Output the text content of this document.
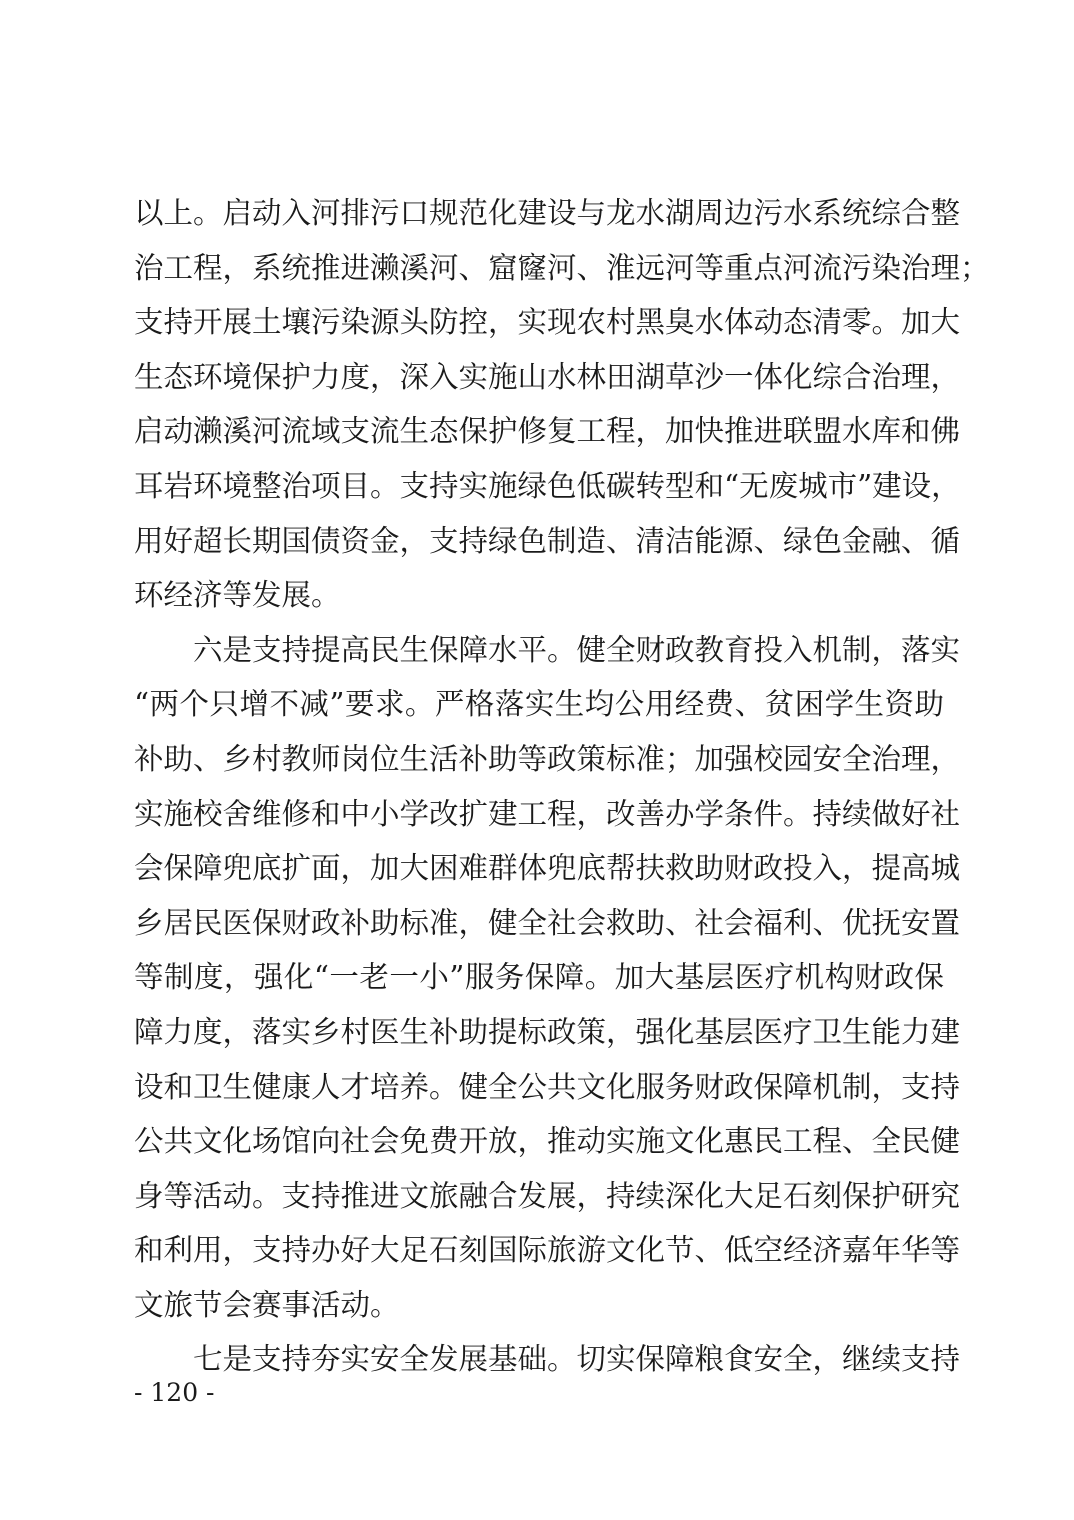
以上。启动入河排污口规范化建设与龙水湖周边污水系统综合整
治工程，系统推进濑溪河、窟窿河、淮远河等重点河流污染治理；
支持开展土壤污染源头防控，实现农村黑臭水体动态清零。加大
生态环境保护力度，深入实施山水林田湖草沙一体化综合治理，
启动濑溪河流域支流生态保护修复工程，加快推进联盟水库和佛
耳岩环境整治项目。支持实施绿色低碳转型和“无废城市”建设，
用好超长期国债资金，支持绿色制造、清洁能源、绿色金融、循
环经济等发展。
六是支持提高民生保障水平。健全财政教育投入机制，落实
“两个只增不减”要求。严格落实生均公用经费、贫困学生资助
补助、乡村教师岗位生活补助等政策标准；加强校园安全治理，
实施校舍维修和中小学改扩建工程，改善办学条件。持续做好社
会保障兜底扩面，加大困难群体兜底帮扶救助财政投入，提高城
乡居民医保财政补助标准，健全社会救助、社会福利、优抚安置
等制度，强化“一老一小”服务保障。加大基层医疗机构财政保
障力度，落实乡村医生补助提标政策，强化基层医疗卫生能力建
设和卫生健康人才培养。健全公共文化服务财政保障机制，支持
公共文化场馆向社会免费开放，推动实施文化惠民工程、全民健
身等活动。支持推进文旅融合发展，持续深化大足石刻保护研究
和利用，支持办好大足石刻国际旅游文化节、低空经济嘉年华等
文旅节会赛事活动。
七是支持夯实安全发展基础。切实保障粮食安全，继续支持
- 120 -
